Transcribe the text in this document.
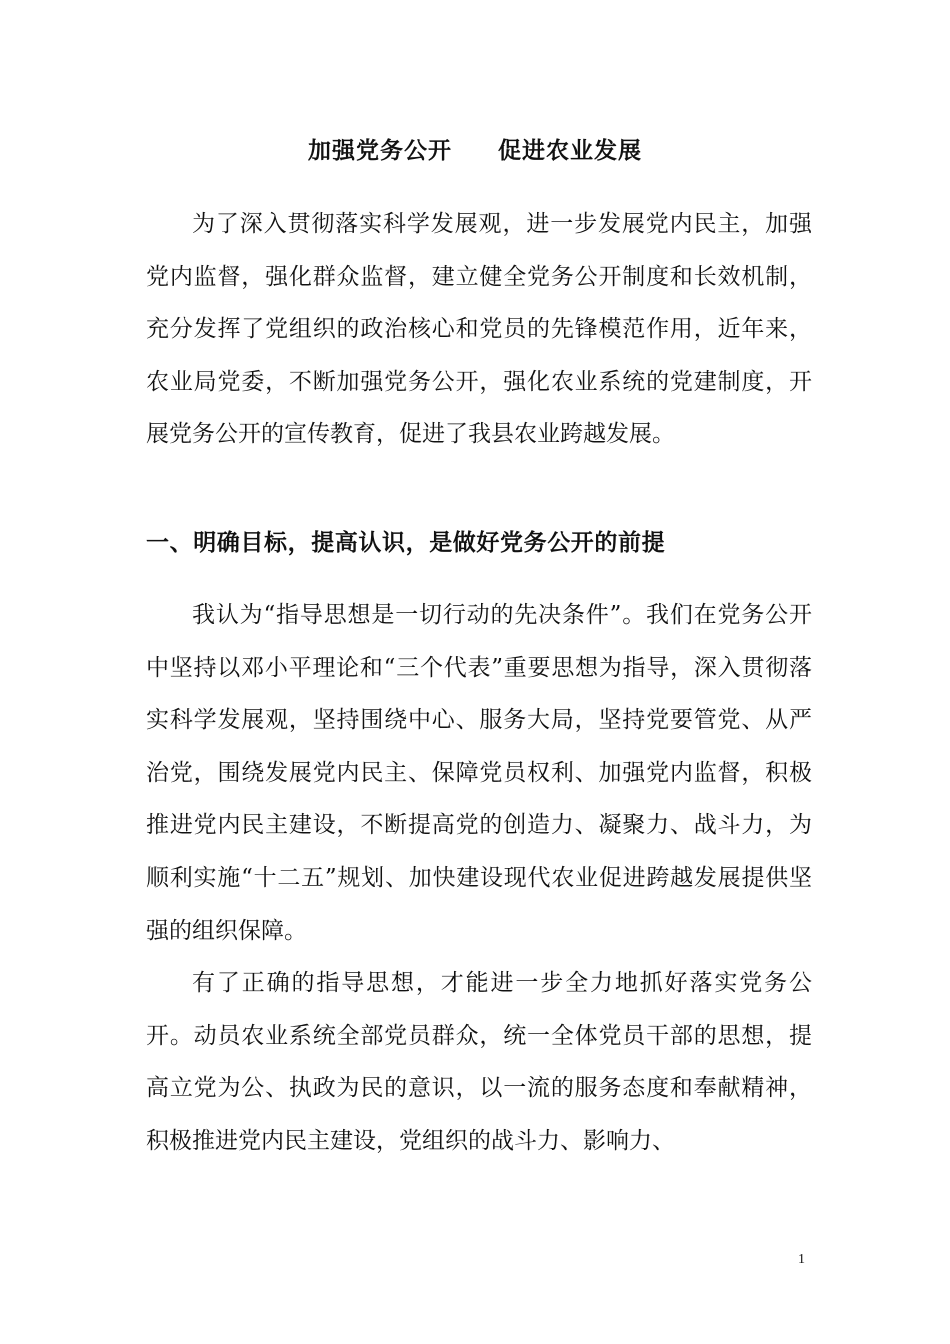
加强党务公开 促进农业发展

为了深入贯彻落实科学发展观，进一步发展党内民主，加强党内监督，强化群众监督，建立健全党务公开制度和长效机制，充分发挥了党组织的政治核心和党员的先锋模范作用，近年来，农业局党委，不断加强党务公开，强化农业系统的党建制度，开展党务公开的宣传教育，促进了我县农业跨越发展。

一、明确目标，提高认识，是做好党务公开的前提

我认为“指导思想是一切行动的先决条件”。我们在党务公开中坚持以邓小平理论和“三个代表”重要思想为指导，深入贯彻落实科学发展观，坚持围绕中心、服务大局，坚持党要管党、从严治党，围绕发展党内民主、保障党员权利、加强党内监督，积极推进党内民主建设，不断提高党的创造力、凝聚力、战斗力，为顺利实施“十二五”规划、加快建设现代农业促进跨越发展提供坚强的组织保障。

有了正确的指导思想，才能进一步全力地抓好落实党务公开。动员农业系统全部党员群众，统一全体党员干部的思想，提高立党为公、执政为民的意识，以一流的服务态度和奉献精神，积极推进党内民主建设，党组织的战斗力、影响力、

1
